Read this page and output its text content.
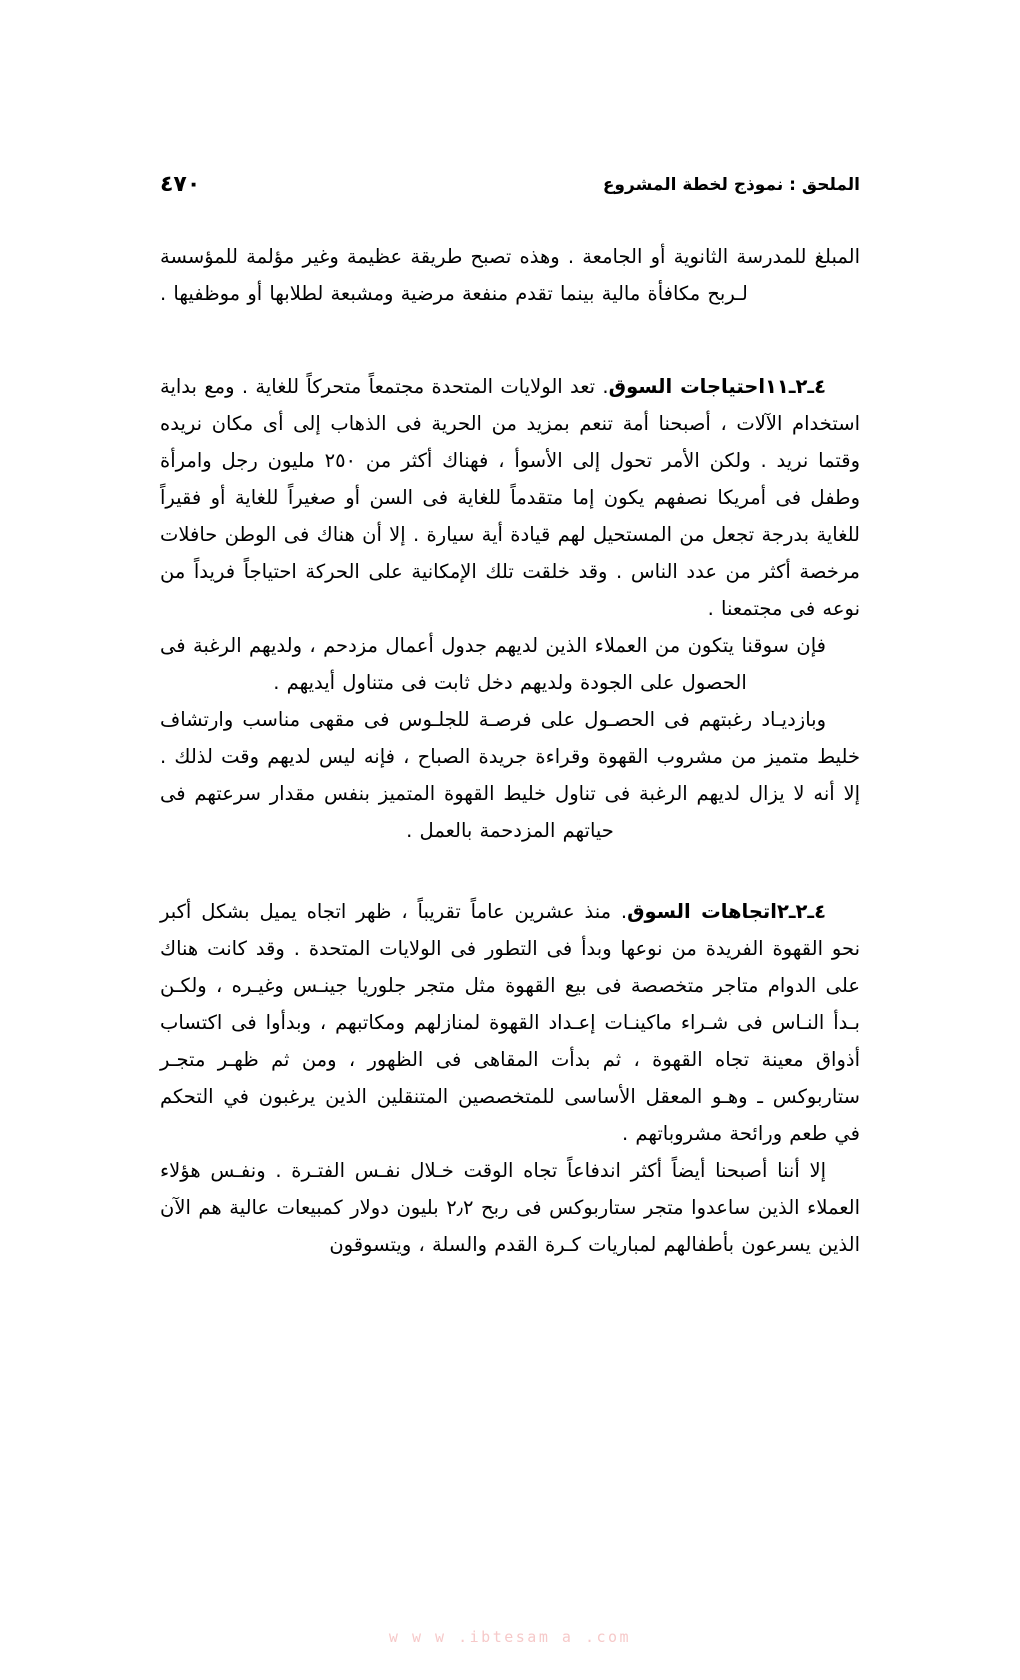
٤٧٠	الملحق : نموذج لخطة المشروع

المبلغ للمدرسة الثانوية أو الجامعة . وهذه تصبح طريقة عظيمة وغير مؤلمة للمؤسسة لـربح مكافأة مالية بينما تقدم منفعة مرضية ومشبعة لطلابها أو موظفيها .

٤ـ٢ـ١١احتياجات السوق. تعد الولايات المتحدة مجتمعاً متحركاً للغاية . ومع بداية استخدام الآلات ، أصبحنا أمة تنعم بمزيد من الحرية فى الذهاب إلى أى مكان نريده وقتما نريد . ولكن الأمر تحول إلى الأسوأ ، فهناك أكثر من ٢٥٠ مليون رجل وامرأة وطفل فى أمريكا نصفهم يكون إما متقدماً للغاية فى السن أو صغيراً للغاية أو فقيراً للغاية بدرجة تجعل من المستحيل لهم قيادة أية سيارة . إلا أن هناك فى الوطن حافلات مرخصة أكثر من عدد الناس . وقد خلقت تلك الإمكانية على الحركة احتياجاً فريداً من نوعه فى مجتمعنا .

فإن سوقنا يتكون من العملاء الذين لديهم جدول أعمال مزدحم ، ولديهم الرغبة فى الحصول على الجودة ولديهم دخل ثابت فى متناول أيديهم .

وبازديـاد رغبتهم فى الحصـول على فرصـة للجلـوس فى مقهى مناسب وارتشاف خليط متميز من مشروب القهوة وقراءة جريدة الصباح ، فإنه ليس لديهم وقت لذلك . إلا أنه لا يزال لديهم الرغبة فى تناول خليط القهوة المتميز بنفس مقدار سرعتهم فى حياتهم المزدحمة بالعمل .

٤ـ٢ـ٢اتجاهات السوق. منذ عشرين عاماً تقريباً ، ظهر اتجاه يميل بشكل أكبر نحو القهوة الفريدة من نوعها وبدأ فى التطور فى الولايات المتحدة . وقد كانت هناك على الدوام متاجر متخصصة فى بيع القهوة مثل متجر جلوريا جينـس وغيـره ، ولكـن بـدأ النـاس فى شـراء ماكينـات إعـداد القهوة لمنازلهم ومكاتبهم ، وبدأوا فى اكتساب أذواق معينة تجاه القهوة ، ثم بدأت المقاهى فى الظهور ، ومن ثم ظهـر متجـر ستاربوكس ـ وهـو المعقل الأساسى للمتخصصين المتنقلين الذين يرغبون في التحكم في طعم ورائحة مشروباتهم .

إلا أننا أصبحنا أيضاً أكثر اندفاعاً تجاه الوقت خـلال نفـس الفتـرة . ونفـس هؤلاء العملاء الذين ساعدوا متجر ستاربوكس فى ربح ٢٫٢ بليون دولار كمبيعات عالية هم الآن الذين يسرعون بأطفالهم لمباريات كـرة القدم والسلة ، ويتسوقون

w w w .ibtesam a .com
